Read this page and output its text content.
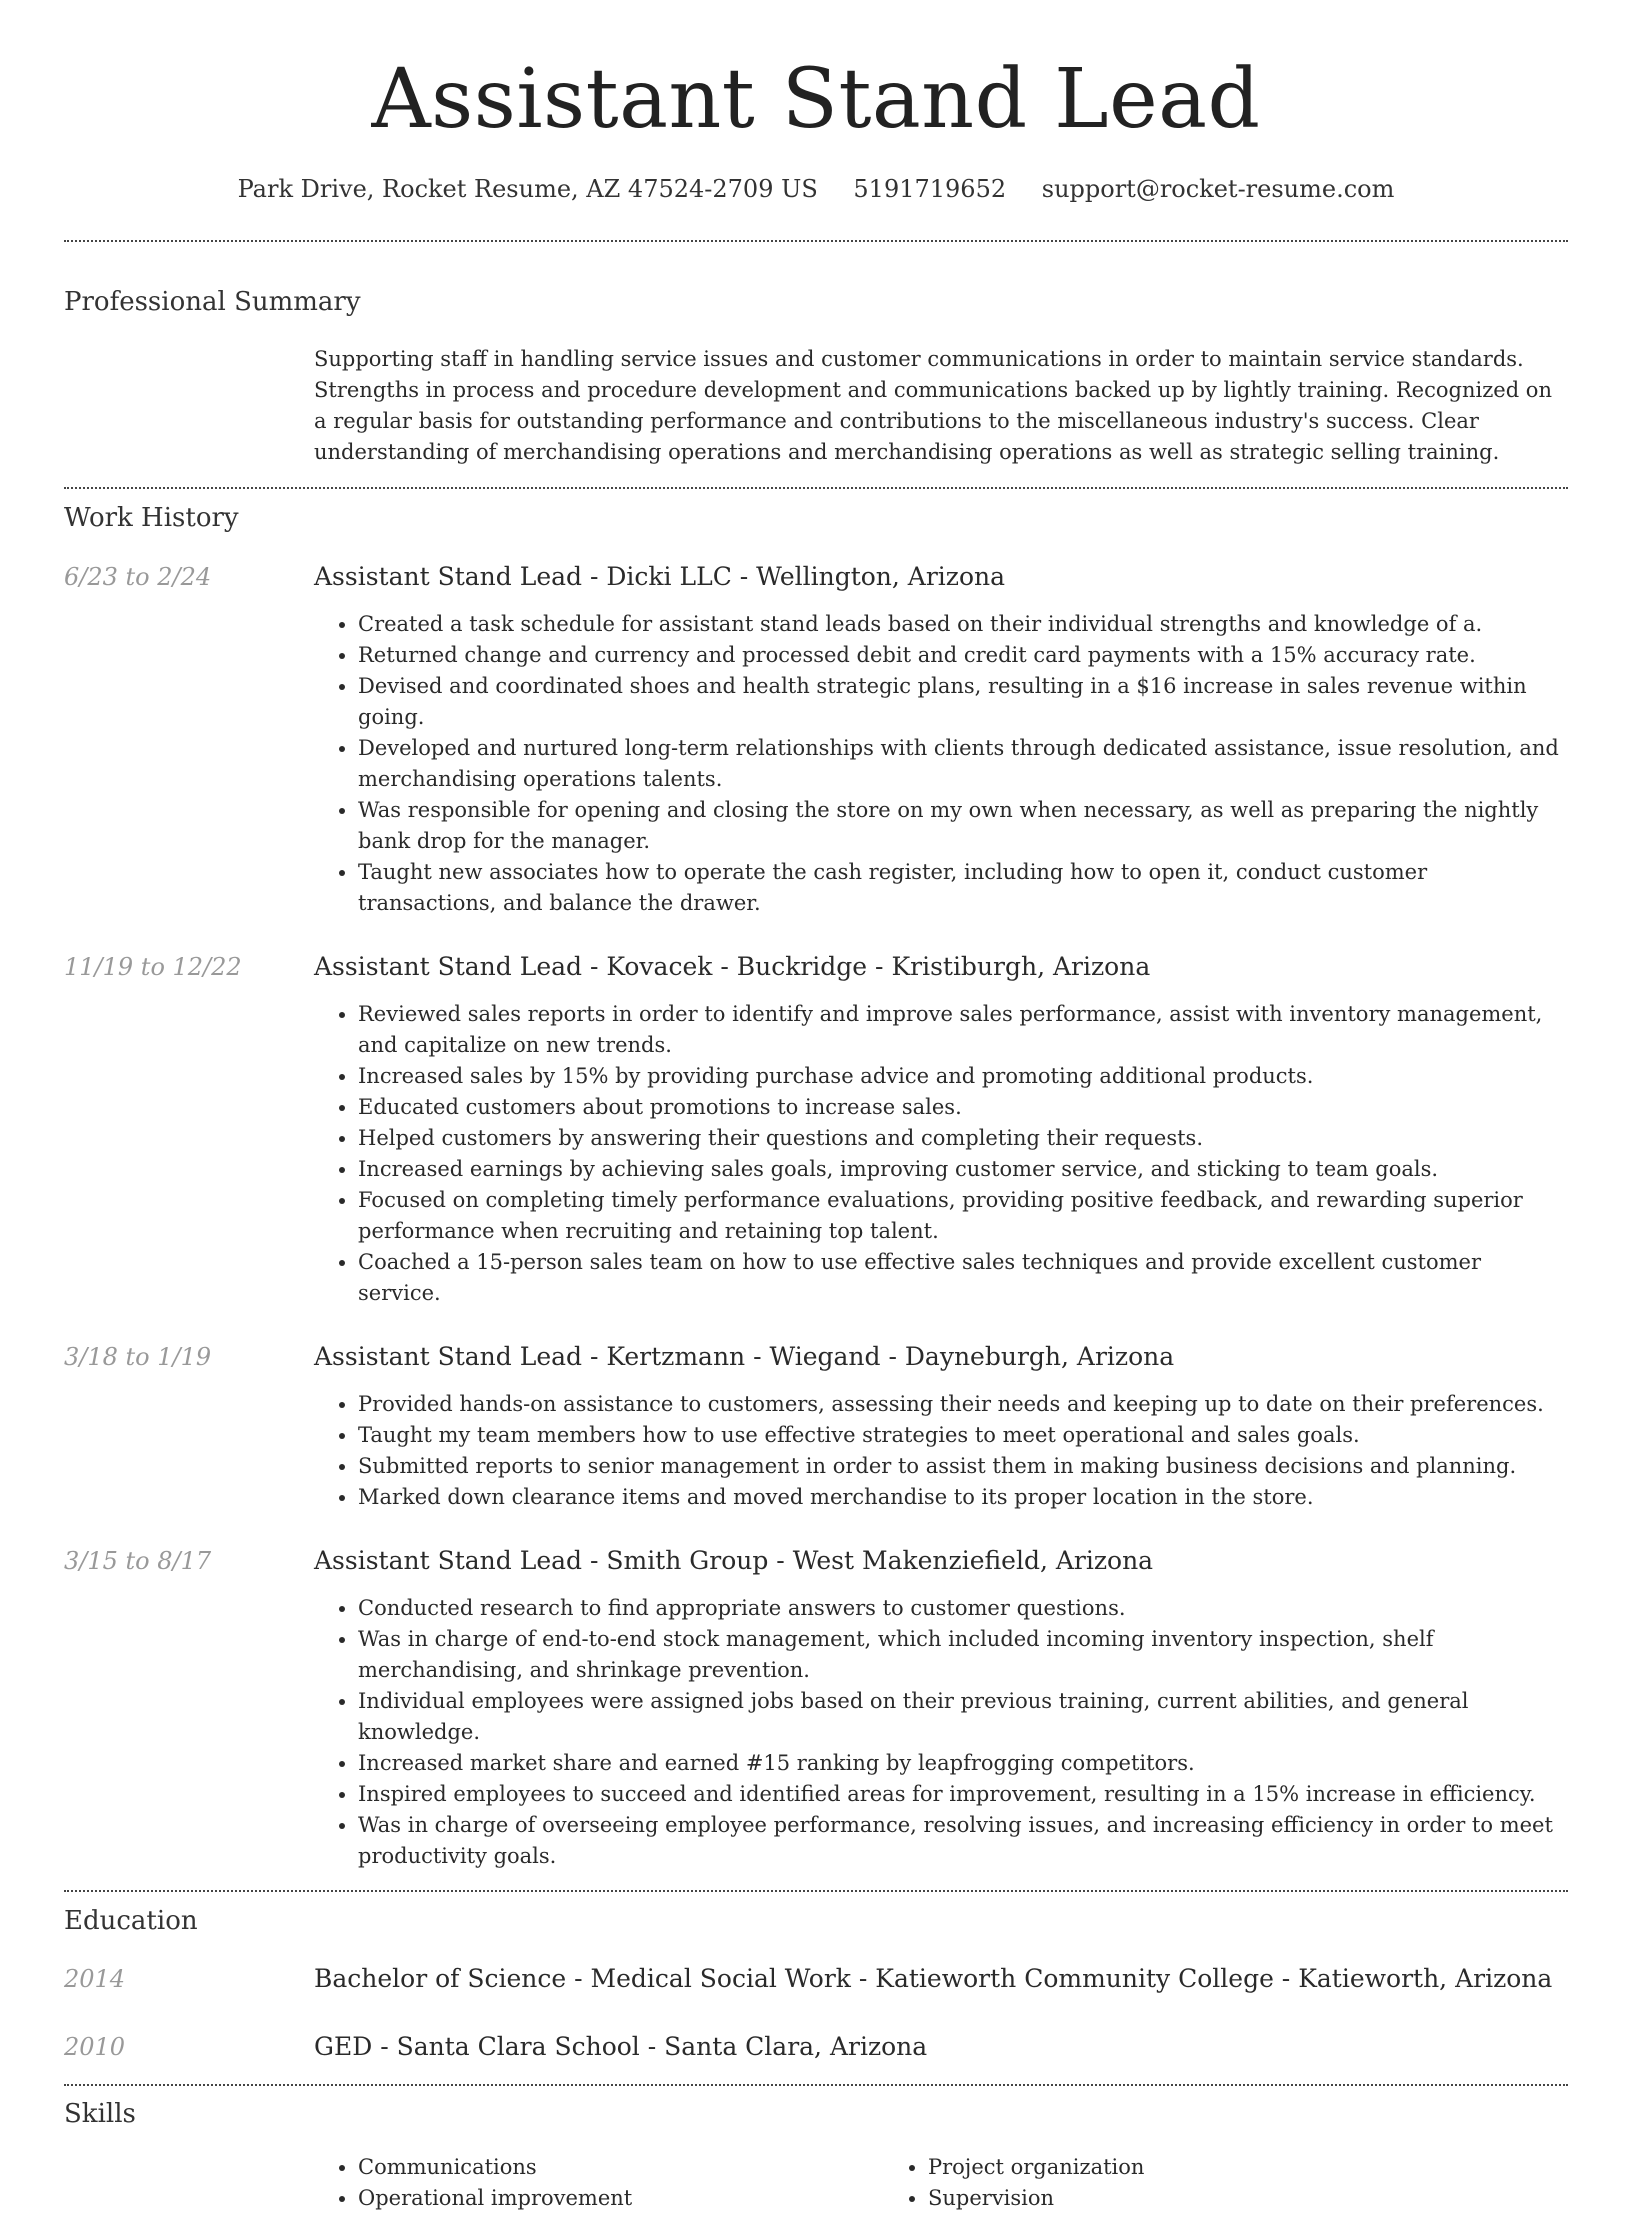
Assistant Stand Lead
Park Drive, Rocket Resume, AZ 47524-2709 US 5191719652 support@rocket-resume.com
Professional Summary

Supporting staff in handling service issues and customer communications in order to maintain service standards. Strengths in process and procedure development and communications backed up by lightly training. Recognized on a regular basis for outstanding performance and contributions to the miscellaneous industry's success. Clear understanding of merchandising operations and merchandising operations as well as strategic selling training.

Work History
6/23 to 2/24	Assistant Stand Lead - Dicki LLC - Wellington, Arizona
• Created a task schedule for assistant stand leads based on their individual strengths and knowledge of a.
• Returned change and currency and processed debit and credit card payments with a 15% accuracy rate.
• Devised and coordinated shoes and health strategic plans, resulting in a $16 increase in sales revenue within going.
• Developed and nurtured long-term relationships with clients through dedicated assistance, issue resolution, and merchandising operations talents.
• Was responsible for opening and closing the store on my own when necessary, as well as preparing the nightly bank drop for the manager.
• Taught new associates how to operate the cash register, including how to open it, conduct customer transactions, and balance the drawer.
11/19 to 12/22	Assistant Stand Lead - Kovacek - Buckridge - Kristiburgh, Arizona
• Reviewed sales reports in order to identify and improve sales performance, assist with inventory management, and capitalize on new trends.
• Increased sales by 15% by providing purchase advice and promoting additional products.
• Educated customers about promotions to increase sales.
• Helped customers by answering their questions and completing their requests.
• Increased earnings by achieving sales goals, improving customer service, and sticking to team goals.
• Focused on completing timely performance evaluations, providing positive feedback, and rewarding superior performance when recruiting and retaining top talent.
• Coached a 15-person sales team on how to use effective sales techniques and provide excellent customer service.
3/18 to 1/19	Assistant Stand Lead - Kertzmann - Wiegand - Dayneburgh, Arizona
• Provided hands-on assistance to customers, assessing their needs and keeping up to date on their preferences.
• Taught my team members how to use effective strategies to meet operational and sales goals.
• Submitted reports to senior management in order to assist them in making business decisions and planning.
• Marked down clearance items and moved merchandise to its proper location in the store.
3/15 to 8/17	Assistant Stand Lead - Smith Group - West Makenziefield, Arizona
• Conducted research to find appropriate answers to customer questions.
• Was in charge of end-to-end stock management, which included incoming inventory inspection, shelf merchandising, and shrinkage prevention.
• Individual employees were assigned jobs based on their previous training, current abilities, and general knowledge.
• Increased market share and earned #15 ranking by leapfrogging competitors.
• Inspired employees to succeed and identified areas for improvement, resulting in a 15% increase in efficiency.
• Was in charge of overseeing employee performance, resolving issues, and increasing efficiency in order to meet productivity goals.
Education
2014	Bachelor of Science - Medical Social Work - Katieworth Community College - Katieworth, Arizona
2010	GED - Santa Clara School - Santa Clara, Arizona
Skills
• Communications
• Operational improvement
• Project organization
• Supervision
